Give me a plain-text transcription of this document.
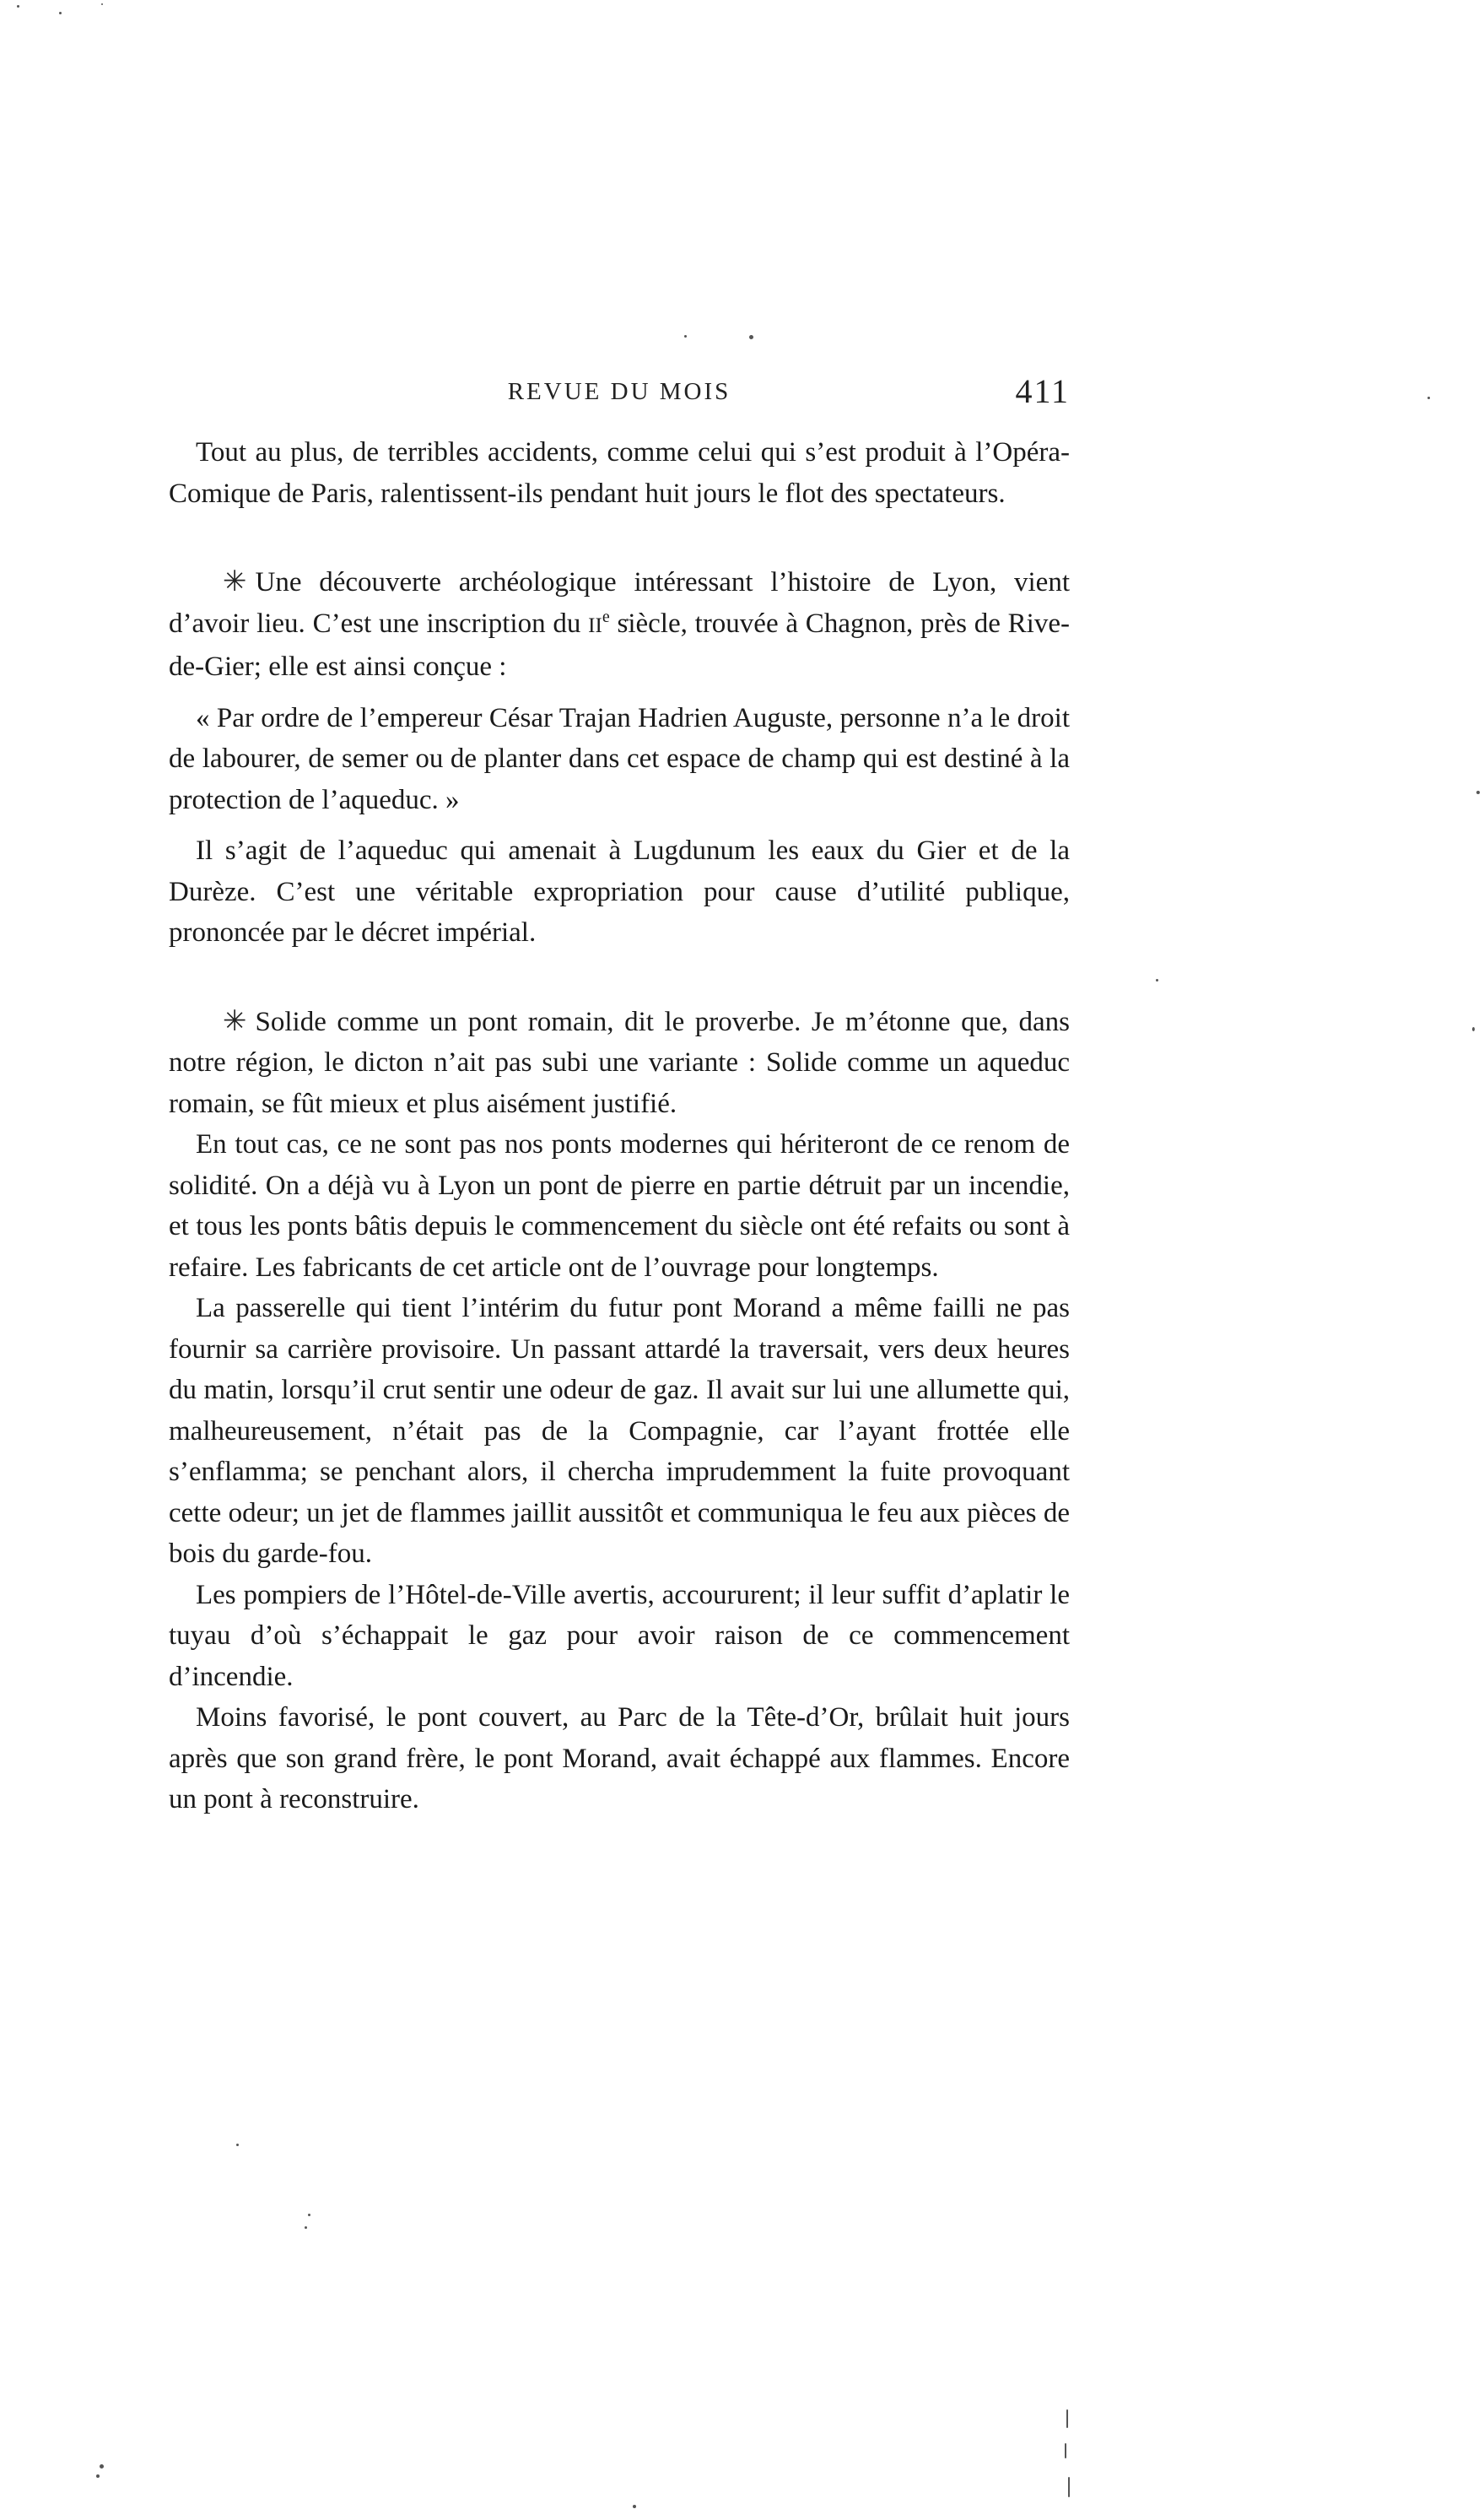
REVUE DU MOIS	411

Tout au plus, de terribles accidents, comme celui qui s’est produit à l’Opéra-Comique de Paris, ralentissent-ils pendant huit jours le flot des spectateurs.

✳ Une découverte archéologique intéressant l’histoire de Lyon, vient d’avoir lieu. C’est une inscription du IIe siècle, trouvée à Chagnon, près de Rive-de-Gier; elle est ainsi conçue :

« Par ordre de l’empereur César Trajan Hadrien Auguste, personne n’a le droit de labourer, de semer ou de planter dans cet espace de champ qui est destiné à la protection de l’aqueduc. »

Il s’agit de l’aqueduc qui amenait à Lugdunum les eaux du Gier et de la Durèze. C’est une véritable expropriation pour cause d’utilité publique, prononcée par le décret impérial.

✳ Solide comme un pont romain, dit le proverbe. Je m’étonne que, dans notre région, le dicton n’ait pas subi une variante : Solide comme un aqueduc romain, se fût mieux et plus aisément justifié.

En tout cas, ce ne sont pas nos ponts modernes qui hériteront de ce renom de solidité. On a déjà vu à Lyon un pont de pierre en partie détruit par un incendie, et tous les ponts bâtis depuis le commencement du siècle ont été refaits ou sont à refaire. Les fabricants de cet article ont de l’ouvrage pour longtemps.

La passerelle qui tient l’intérim du futur pont Morand a même failli ne pas fournir sa carrière provisoire. Un passant attardé la traversait, vers deux heures du matin, lorsqu’il crut sentir une odeur de gaz. Il avait sur lui une allumette qui, malheureusement, n’était pas de la Compagnie, car l’ayant frottée elle s’enflamma; se penchant alors, il chercha imprudemment la fuite provoquant cette odeur; un jet de flammes jaillit aussitôt et communiqua le feu aux pièces de bois du garde-fou.

Les pompiers de l’Hôtel-de-Ville avertis, accoururent; il leur suffit d’aplatir le tuyau d’où s’échappait le gaz pour avoir raison de ce commencement d’incendie.

Moins favorisé, le pont couvert, au Parc de la Tête-d’Or, brûlait huit jours après que son grand frère, le pont Morand, avait échappé aux flammes. Encore un pont à reconstruire.
